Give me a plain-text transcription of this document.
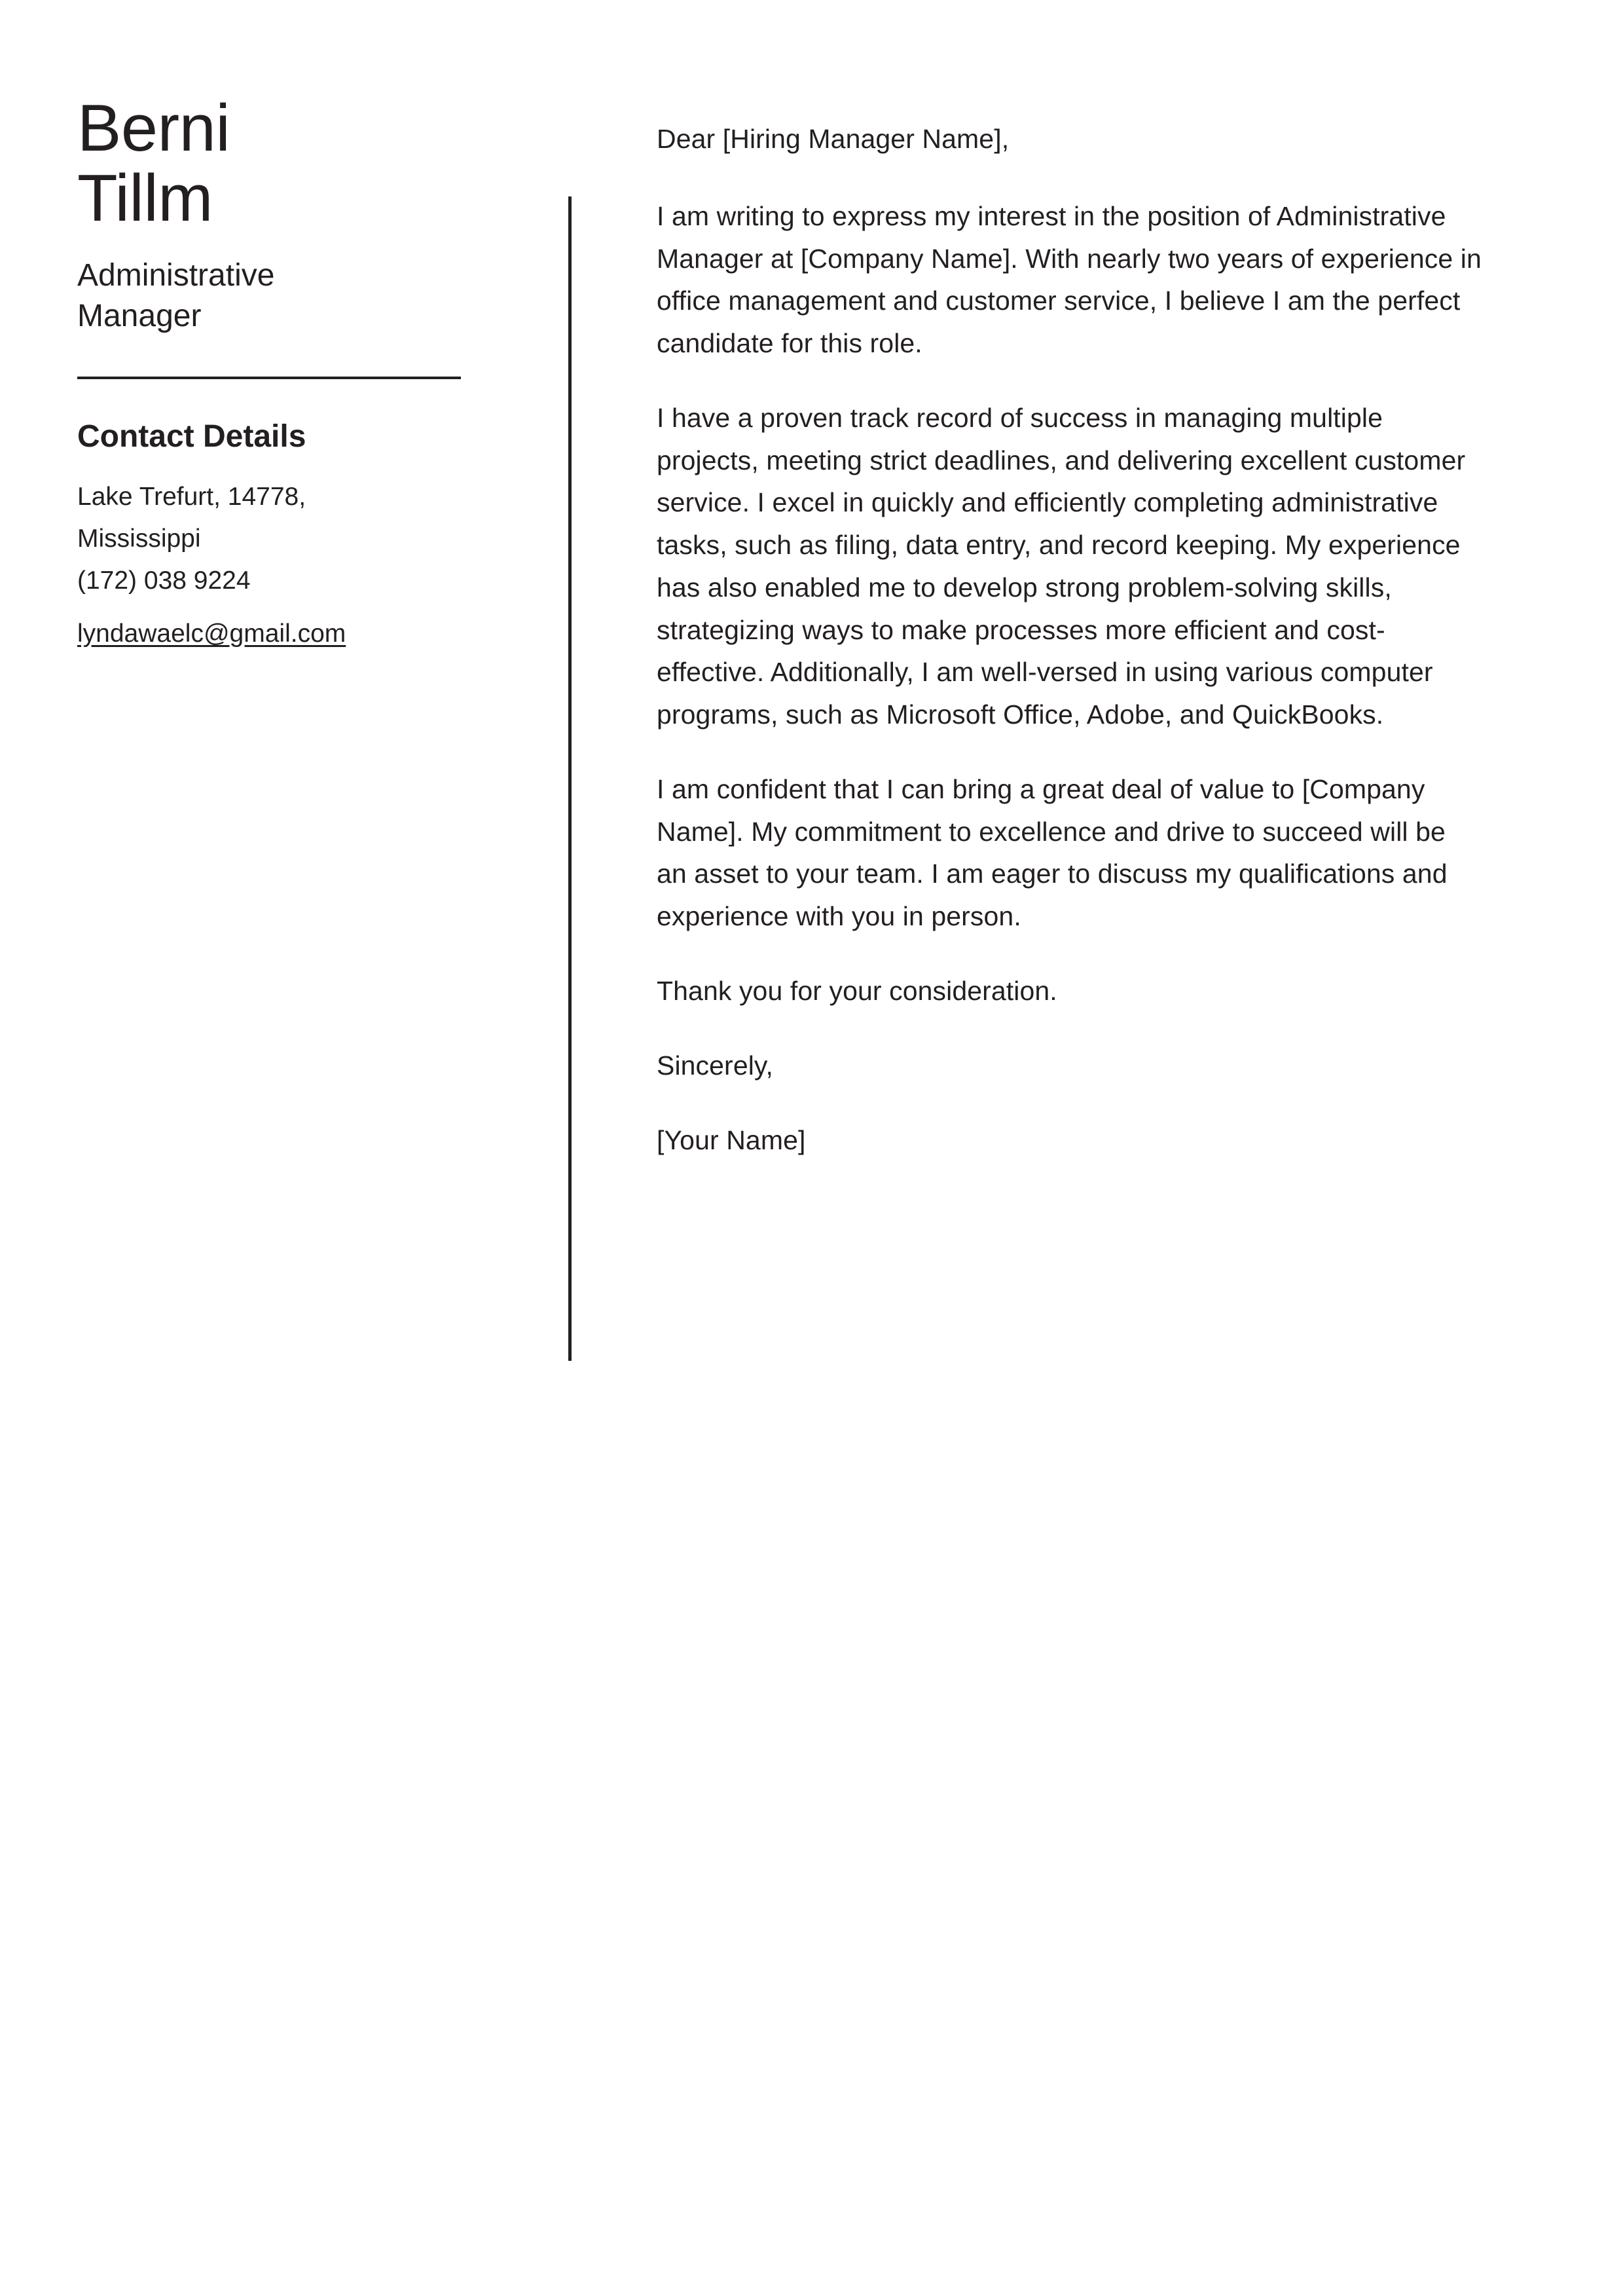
Berni
Tillm
Administrative Manager
Contact Details
Lake Trefurt, 14778,
Mississippi
(172) 038 9224
lyndawaelc@gmail.com

Dear [Hiring Manager Name],

I am writing to express my interest in the position of Administrative Manager at [Company Name]. With nearly two years of experience in office management and customer service, I believe I am the perfect candidate for this role.

I have a proven track record of success in managing multiple projects, meeting strict deadlines, and delivering excellent customer service. I excel in quickly and efficiently completing administrative tasks, such as filing, data entry, and record keeping. My experience has also enabled me to develop strong problem-solving skills, strategizing ways to make processes more efficient and cost-effective. Additionally, I am well-versed in using various computer programs, such as Microsoft Office, Adobe, and QuickBooks.

I am confident that I can bring a great deal of value to [Company Name]. My commitment to excellence and drive to succeed will be an asset to your team. I am eager to discuss my qualifications and experience with you in person.

Thank you for your consideration.

Sincerely,

[Your Name]
